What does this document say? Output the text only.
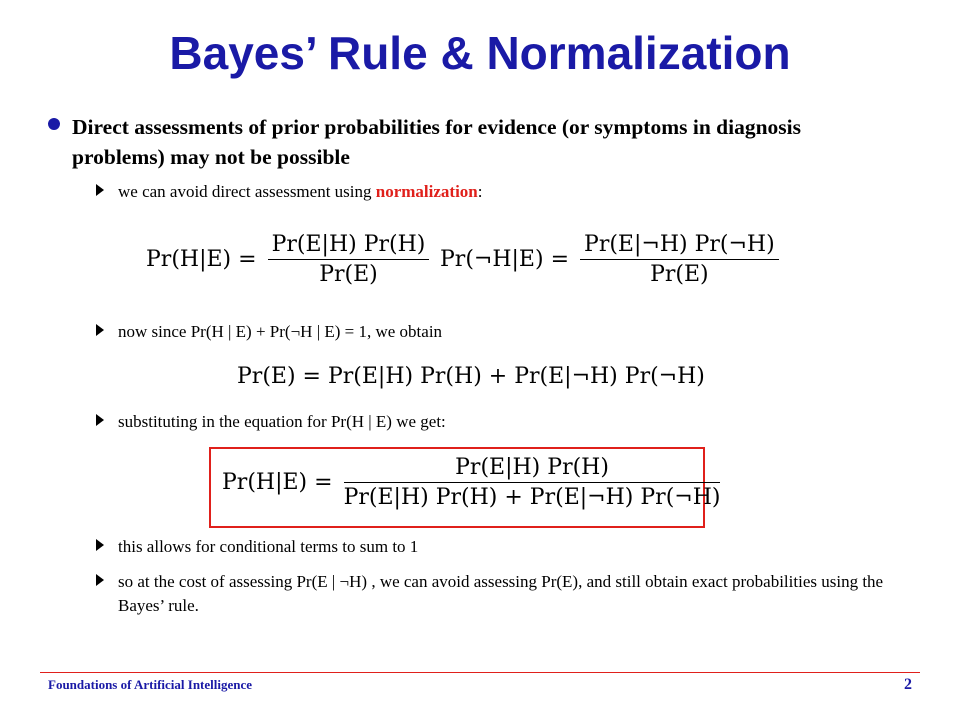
Bayes’ Rule & Normalization
Direct assessments of prior probabilities for evidence (or symptoms in diagnosis problems) may not be possible
we can avoid direct assessment using normalization:
$Pr(H|E) = \frac{Pr(E|H) Pr(H)}{Pr(E)}$ Pr(¬H|E) = $\frac{Pr(E|\neg H) Pr(\neg H)}{Pr(E)}$
now since Pr(H | E) + Pr(¬H | E) = 1, we obtain
Pr(E) = Pr(E|H) Pr(H) + Pr(E|¬H) Pr(¬H)
substituting in the equation for Pr(H | E) we get:
$Pr(H|E) = \frac{Pr(E|H) Pr(H)}{Pr(E|H) Pr(H) + Pr(E|\neg H) Pr(\neg H)}$
this allows for conditional terms to sum to 1
so at the cost of assessing Pr(E | ¬H) , we can avoid assessing Pr(E), and still obtain exact probabilities using the Bayes’ rule.
Foundations of Artificial Intelligence	2
